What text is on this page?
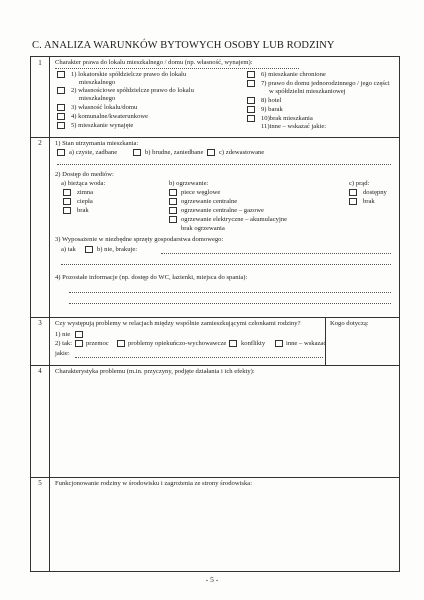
C. ANALIZA WARUNKÓW BYTOWYCH OSOBY LUB RODZINY
1	Charakter prawa do lokalu mieszkalnego / domu (np. własność, wynajem):
1) lokatorskie spółdzielcze prawo do lokalu
mieszkalnego
2) własnościowe spółdzielcze prawo do lokalu
mieszkalnego
3) własność lokalu/domu
4) komunalne/kwaterunkowe
5) mieszkanie wynajęte
6) mieszkanie chronione
7) prawo do domu jednorodzinnego / jego części
w spółdzielni mieszkaniowej
8) hotel
9) barak
10)brak mieszkania
11)inne – wskazać jakie:
2	1) Stan utrzymania mieszkania:
a) czyste, zadbane	b) brudne, zaniedbane c) zdewastowane
2) Dostęp do mediów:
a) bieżąca woda:
zimna
ciepła
brak
b) ogrzewanie:
piece węglowe
ogrzewanie centralne
ogrzewanie centralne – gazowe
ogrzewanie elektryczne – akumulacyjne
brak ogrzewania
c) prąd:
dostępny
brak
3) Wyposażenie w niezbędne sprzęty gospodarstwa domowego:
a) tak	b) nie, brakuje:
4) Pozostałe informacje (np. dostęp do WC, łazienki, miejsca do spania):
3	Czy występują problemy w relacjach między wspólnie zamieszkującymi członkami rodziny?	Kogo dotyczą:
1) nie
2) tak: przemoc	problemy opiekuńczo-wychowawcze konflikty	inne – wskazać
jakie:
4	Charakterystyka problemu (m.in. przyczyny, podjęte działania i ich efekty):
5	Funkcjonowanie rodziny w środowisku i zagrożenia ze strony środowiska:
- 5 -
